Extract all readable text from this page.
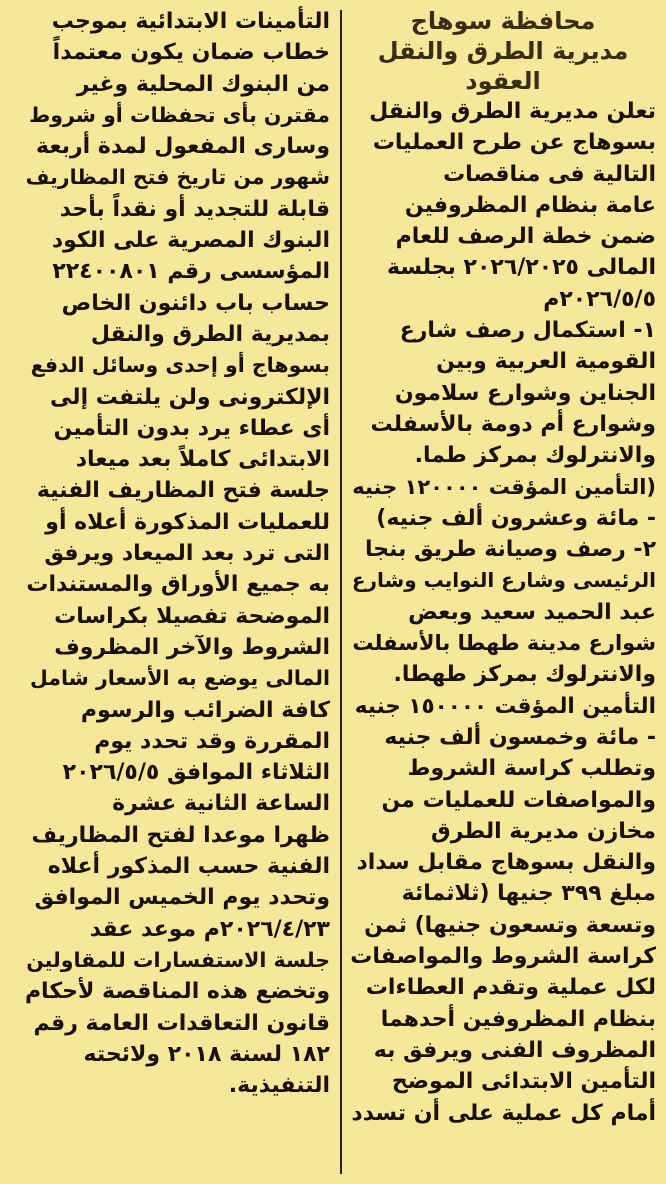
محافظة سوهاج
مديرية الطرق والنقل
العقود
تعلن مديرية الطرق والنقل
بسوهاج عن طرح العمليات
التالية فى مناقصات
عامة بنظام المظروفين
ضمن خطة الرصف للعام
المالى ٢٠٢٦/٢٠٢٥ بجلسة
٢٠٢٦/٥/٥م
١- استكمال رصف شارع
القومية العربية وبين
الجناين وشوارع سلامون
وشوارع أم دومة بالأسفلت
والانترلوك بمركز طما.
(التأمين المؤقت ١٢٠٠٠٠ جنيه
- مائة وعشرون ألف جنيه)
٢- رصف وصيانة طريق بنجا
الرئيسى وشارع النوايب وشارع
عبد الحميد سعيد وبعض
شوارع مدينة طهطا بالأسفلت
والانترلوك بمركز طهطا.
التأمين المؤقت ١٥٠٠٠٠ جنيه
- مائة وخمسون ألف جنيه
وتطلب كراسة الشروط
والمواصفات للعمليات من
مخازن مديرية الطرق
والنقل بسوهاج مقابل سداد
مبلغ ٣٩٩ جنيها (ثلاثمائة
وتسعة وتسعون جنيها) ثمن
كراسة الشروط والمواصفات
لكل عملية وتقدم العطاءات
بنظام المظروفين أحدهما
المظروف الفنى ويرفق به
التأمين الابتدائى الموضح
أمام كل عملية على أن تسدد
التأمينات الابتدائية بموجب
خطاب ضمان يكون معتمداً
من البنوك المحلية وغير
مقترن بأى تحفظات أو شروط
وسارى المفعول لمدة أربعة
شهور من تاريخ فتح المظاريف
قابلة للتجديد أو نقداً بأحد
البنوك المصرية على الكود
المؤسسى رقم ٢٢٤٠٠٨٠١
حساب باب دائنون الخاص
بمديرية الطرق والنقل
بسوهاج أو إحدى وسائل الدفع
الإلكترونى ولن يلتفت إلى
أى عطاء يرد بدون التأمين
الابتدائى كاملاً بعد ميعاد
جلسة فتح المظاريف الفنية
للعمليات المذكورة أعلاه أو
التى ترد بعد الميعاد ويرفق
به جميع الأوراق والمستندات
الموضحة تفصيلا بكراسات
الشروط والآخر المظروف
المالى يوضع به الأسعار شامل
كافة الضرائب والرسوم
المقررة وقد تحدد يوم
الثلاثاء الموافق ٢٠٢٦/٥/٥
الساعة الثانية عشرة
ظهرا موعدا لفتح المظاريف
الفنية حسب المذكور أعلاه
وتحدد يوم الخميس الموافق
٢٠٢٦/٤/٢٣م موعد عقد
جلسة الاستفسارات للمقاولين
وتخضع هذه المناقصة لأحكام
قانون التعاقدات العامة رقم
١٨٢ لسنة ٢٠١٨ ولائحته
التنفيذية.
